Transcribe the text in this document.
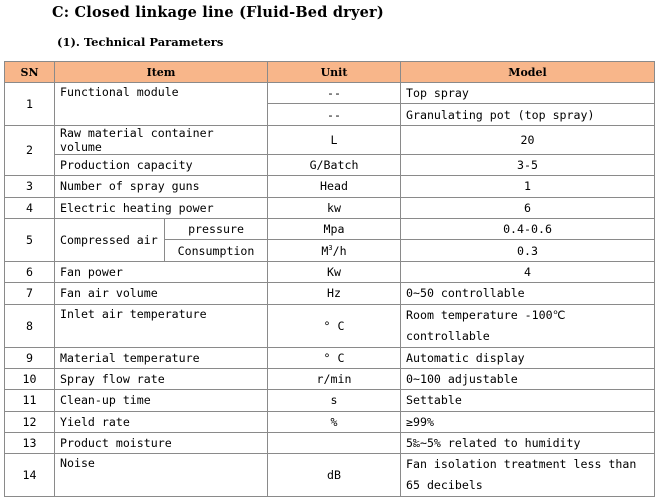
C: Closed linkage line (Fluid-Bed dryer)
(1). Technical Parameters
SN	Item		Unit	Model
1	Functional module		--	Top spray
			--	Granulating pot (top spray)
2	Raw material container volume		L	20
	Production capacity		G/Batch	3-5
3	Number of spray guns		Head	1
4	Electric heating power		kw	6
5	Compressed air	pressure	Mpa	0.4-0.6
		Consumption	$M^3/h$	0.3
6	Fan power		Kw	4
7	Fan air volume		Hz	0~50 controllable
8	Inlet air temperature		° C	Room temperature -100℃ controllable
9	Material temperature		° C	Automatic display
10	Spray flow rate		r/min	0~100 adjustable
11	Clean-up time		s	Settable
12	Yield rate		%	≥99%
13	Product moisture			5‰~5% related to humidity
14	Noise		dB	Fan isolation treatment less than 65 decibels
